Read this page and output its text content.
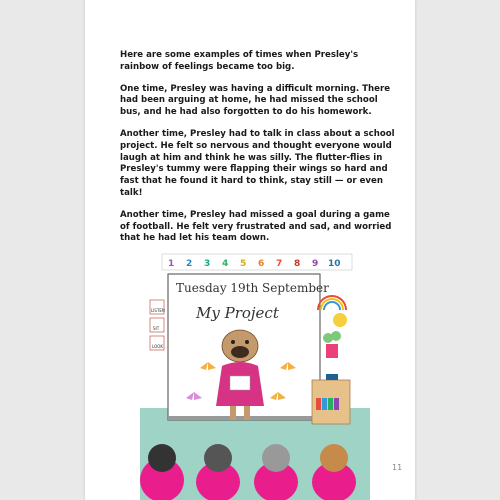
Here are some examples of times when Presley's rainbow of feelings became too big.

One time, Presley was having a difficult morning. There had been arguing at home, he had missed the school bus, and he had also forgotten to do his homework.

Another time, Presley had to talk in class about a school project. He felt so nervous and thought everyone would laugh at him and think he was silly. The flutter-flies in Presley's tummy were flapping their wings so hard and fast that he found it hard to think, stay still — or even talk!

Another time, Presley had missed a goal during a game of football. He felt very frustrated and sad, and worried that he had let his team down.

1 2 3 4 5 6 7 8 9 10
Tuesday 19th September
My Project
LISTEN
SIT
LOOK
11
